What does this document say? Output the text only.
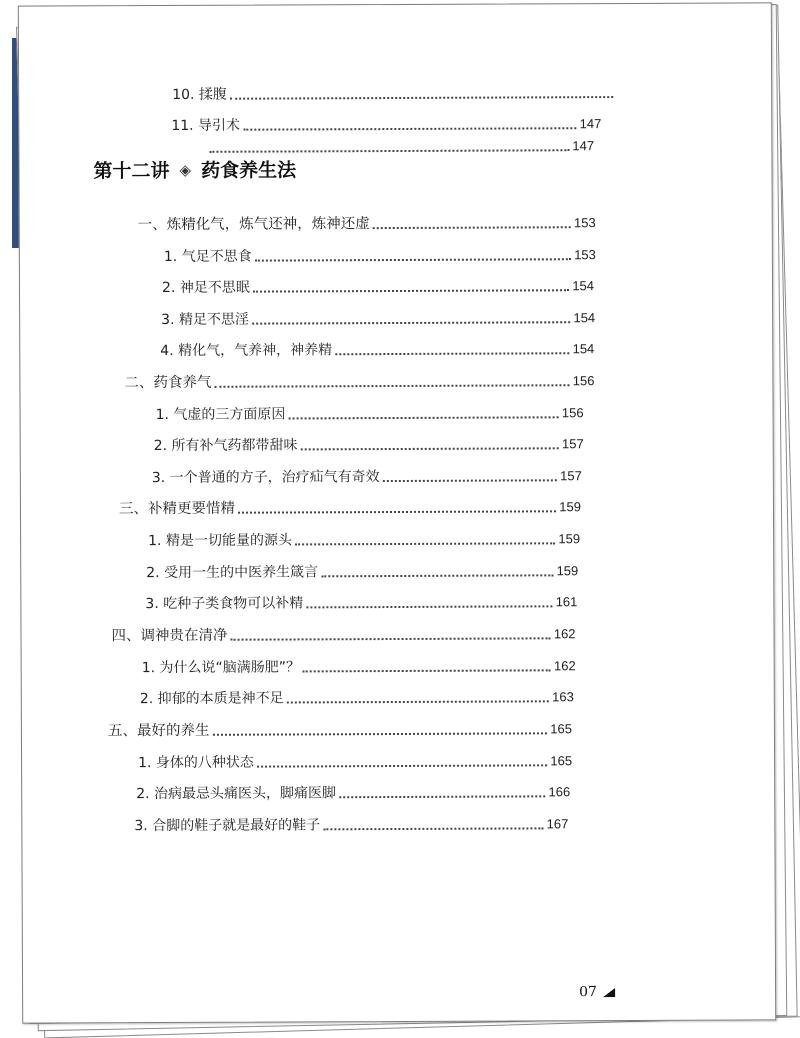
10. 揉腹
11. 导引术	147
147
第十二讲 ◈ 药食养生法
一、炼精化气，炼气还神，炼神还虚	153
1. 气足不思食	153
2. 神足不思眠	154
3. 精足不思淫	154
4. 精化气，气养神，神养精	154
二、药食养气	156
1. 气虚的三方面原因	156
2. 所有补气药都带甜味	157
3. 一个普通的方子，治疗疝气有奇效	157
三、补精更要惜精	159
1. 精是一切能量的源头	159
2. 受用一生的中医养生箴言	159
3. 吃种子类食物可以补精	161
四、调神贵在清净	162
1. 为什么说“脑满肠肥”？	162
2. 抑郁的本质是神不足	163
五、最好的养生	165
1. 身体的八种状态	165
2. 治病最忌头痛医头，脚痛医脚	166
3. 合脚的鞋子就是最好的鞋子	167
07
